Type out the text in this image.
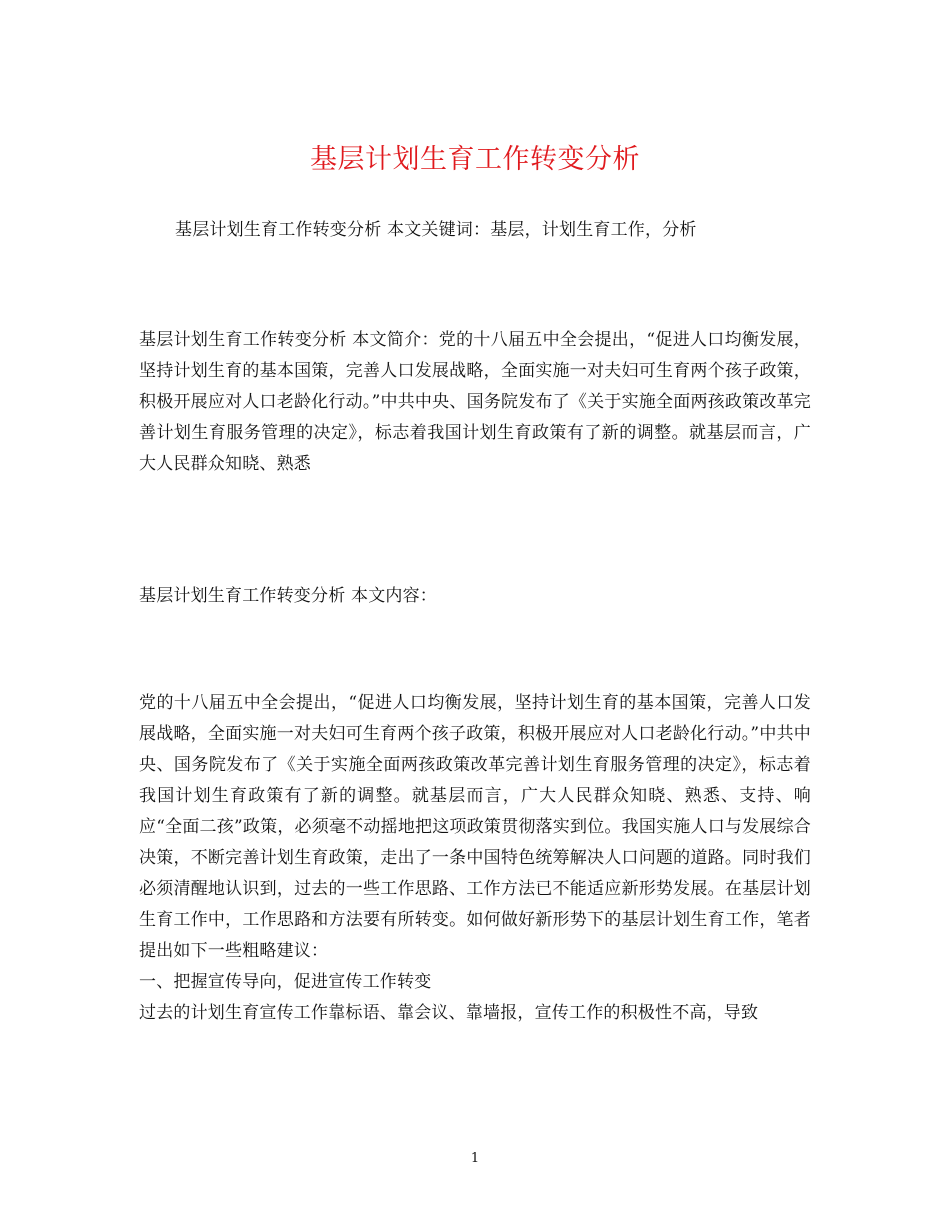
基层计划生育工作转变分析
基层计划生育工作转变分析 本文关键词：基层，计划生育工作，分析
基层计划生育工作转变分析 本文简介：党的十八届五中全会提出，“促进人口均衡发展，坚持计划生育的基本国策，完善人口发展战略，全面实施一对夫妇可生育两个孩子政策，积极开展应对人口老龄化行动。”中共中央、国务院发布了《关于实施全面两孩政策改革完善计划生育服务管理的决定》，标志着我国计划生育政策有了新的调整。就基层而言，广大人民群众知晓、熟悉
基层计划生育工作转变分析 本文内容：
党的十八届五中全会提出，“促进人口均衡发展，坚持计划生育的基本国策，完善人口发展战略，全面实施一对夫妇可生育两个孩子政策，积极开展应对人口老龄化行动。”中共中央、国务院发布了《关于实施全面两孩政策改革完善计划生育服务管理的决定》，标志着我国计划生育政策有了新的调整。就基层而言，广大人民群众知晓、熟悉、支持、响应“全面二孩”政策，必须毫不动摇地把这项政策贯彻落实到位。我国实施人口与发展综合决策，不断完善计划生育政策，走出了一条中国特色统筹解决人口问题的道路。同时我们必须清醒地认识到，过去的一些工作思路、工作方法已不能适应新形势发展。在基层计划生育工作中，工作思路和方法要有所转变。如何做好新形势下的基层计划生育工作，笔者提出如下一些粗略建议：
一、把握宣传导向，促进宣传工作转变
过去的计划生育宣传工作靠标语、靠会议、靠墙报，宣传工作的积极性不高，导致
1
